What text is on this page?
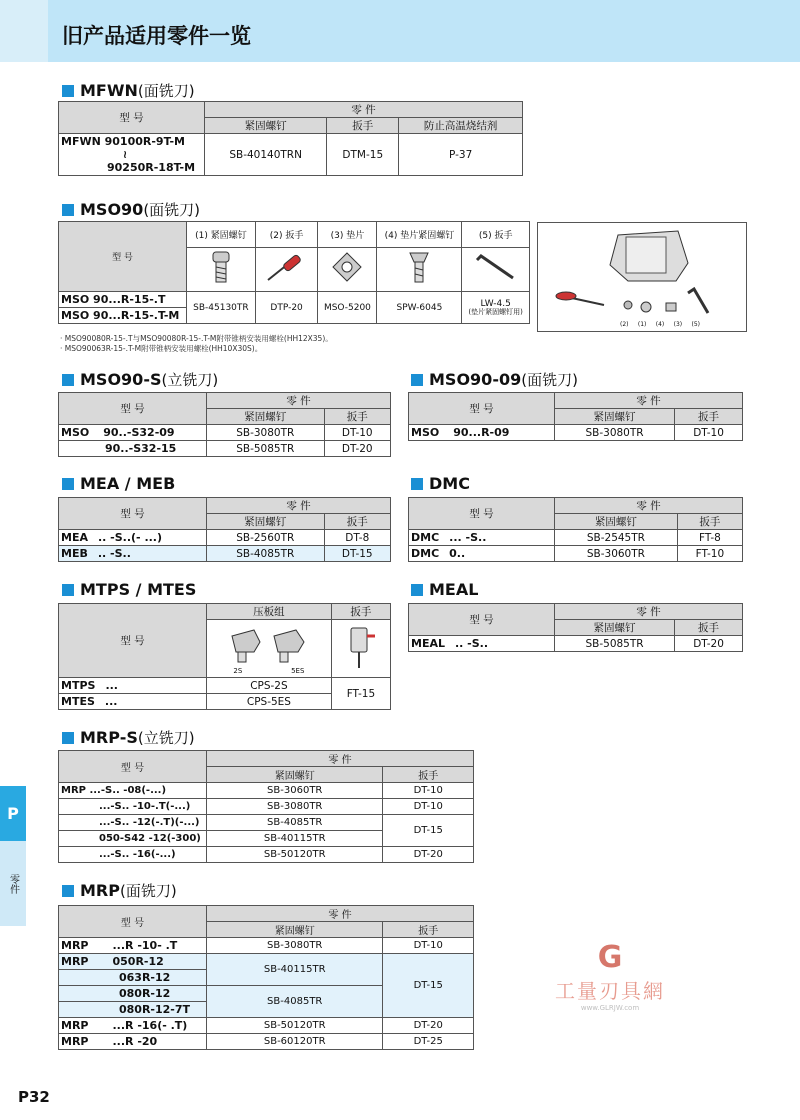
旧产品适用零件一览
MFWN (面铣刀)
型 号	零 件		
	紧固螺钉	扳手	防止高温烧结剂

MFWN 90100R-9T-M
≀
90250R-18T-M	SB-40140TRN	DTM-15	P-37
MSO90 (面铣刀)
型 号	(1) 紧固螺钉	(2) 扳手	(3) 垫片	(4) 垫片紧固螺钉	(5) 扳手

MSO 90...R-15-.T	SB-45130TR	DTP-20	MSO-5200	SPW-6045	LW-4.5
(垫片紧固螺钉用)

MSO 90...R-15-.T-M					
(2) (1) (4) (3) (5)
· MSO90080R-15-.T与MSO90080R-15-.T-M附带锥柄安装用螺栓(HH12X35)。
· MSO90063R-15-.T-M附带锥柄安装用螺栓(HH10X30S)。
MSO90-S (立铣刀)
型 号	零 件	
	紧固螺钉	扳手
MSO 90..-S32-09	SB-3080TR	DT-10
90..-S32-15	SB-5085TR	DT-20
MSO90-09 (面铣刀)
型 号	零 件	
	紧固螺钉	扳手
MSO 90...R-09	SB-3080TR	DT-10
MEA / MEB
型 号	零 件	
	紧固螺钉	扳手
MEA .. -S..(- ...)	SB-2560TR	DT-8
MEB .. -S..	SB-4085TR	DT-15
DMC
型 号	零 件	
	紧固螺钉	扳手
DMC ... -S..	SB-2545TR	FT-8
DMC 0..	SB-3060TR	FT-10
MTPS / MTES
型 号	压板组	扳手

	2S 5ES

MTPS ...	CPS-2S	FT-15
MTES ...	CPS-5ES	
MEAL
型 号	零 件	
	紧固螺钉	扳手
MEAL .. -S..	SB-5085TR	DT-20
MRP-S (立铣刀)
型 号	零 件	
	紧固螺钉	扳手
MRP ...-S.. -08(-...)	SB-3060TR	DT-10
...-S.. -10-.T(-...)	SB-3080TR	DT-10
...-S.. -12(-.T)(-...)	SB-4085TR	DT-15
050-S42 -12(-300)	SB-40115TR	
...-S.. -16(-...)	SB-50120TR	DT-20
MRP (面铣刀)
型 号	零 件	
	紧固螺钉	扳手
MRP ...R -10- .T	SB-3080TR	DT-10
MRP 050R-12	SB-40115TR	DT-15
063R-12		
080R-12	SB-4085TR	
080R-12-7T		
MRP ...R -16(- .T)	SB-50120TR	DT-20
MRP ...R -20	SB-60120TR	DT-25
P
零件
G
工量刃具網
www.GLRJW.com
P32
